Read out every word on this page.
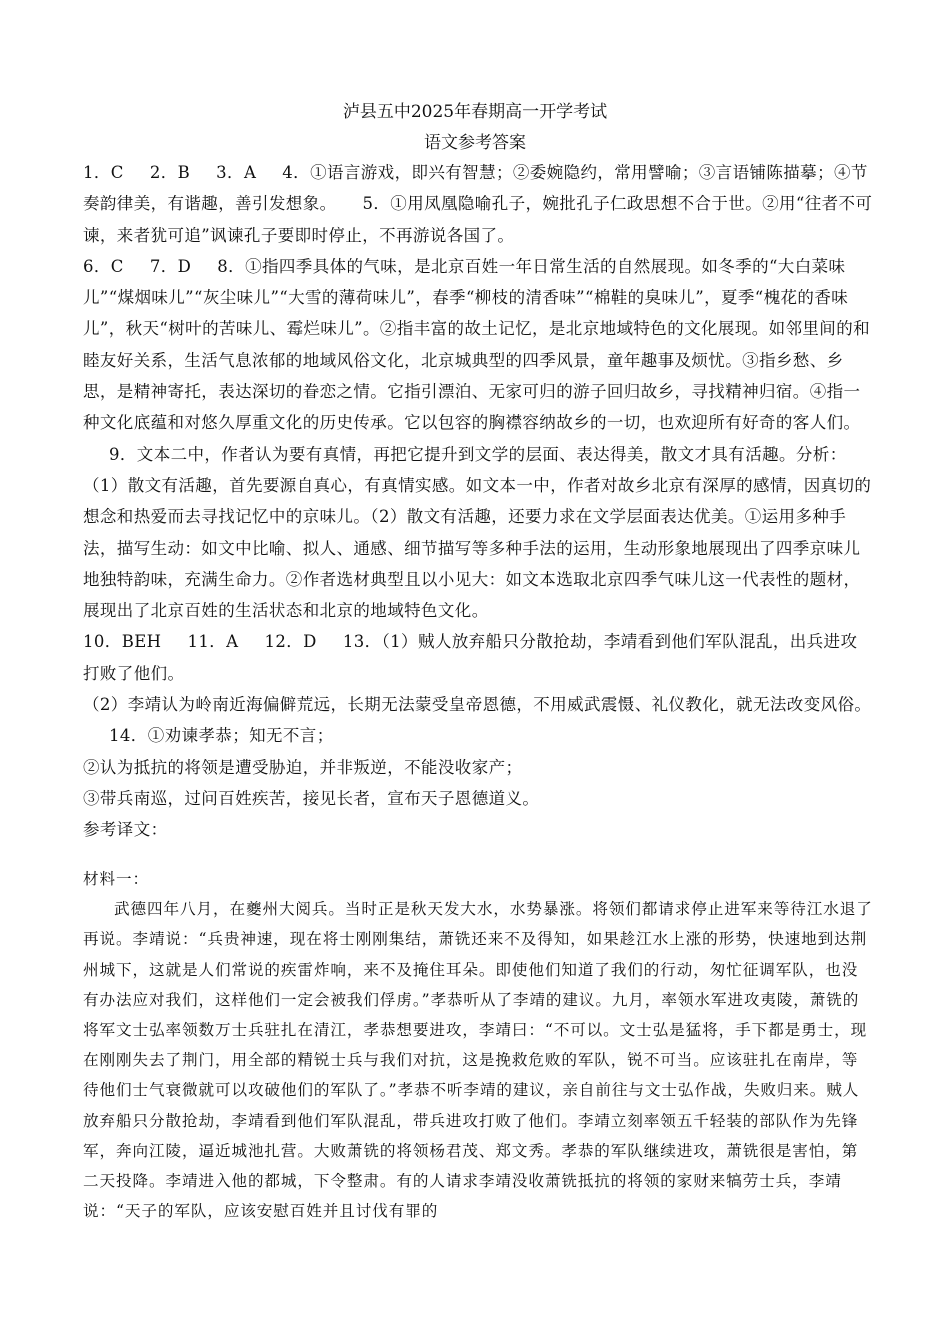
泸县五中2025年春期高一开学考试
语文参考答案

1．C 2．B 3．A 4．①语言游戏，即兴有智慧；②委婉隐约，常用譬喻；③言语铺陈描摹；④节奏韵律美，有谐趣，善引发想象。 5．①用凤凰隐喻孔子，婉批孔子仁政思想不合于世。②用“往者不可谏，来者犹可追”讽谏孔子要即时停止，不再游说各国了。

6．C 7．D 8．①指四季具体的气味，是北京百姓一年日常生活的自然展现。如冬季的“大白菜味儿”“煤烟味儿”“灰尘味儿”“大雪的薄荷味儿”，春季“柳枝的清香味”“棉鞋的臭味儿”，夏季“槐花的香味儿”，秋天“树叶的苦味儿、霉烂味儿”。②指丰富的故土记忆，是北京地域特色的文化展现。如邻里间的和睦友好关系，生活气息浓郁的地域风俗文化，北京城典型的四季风景，童年趣事及烦忧。③指乡愁、乡思，是精神寄托，表达深切的眷恋之情。它指引漂泊、无家可归的游子回归故乡，寻找精神归宿。④指一种文化底蕴和对悠久厚重文化的历史传承。它以包容的胸襟容纳故乡的一切，也欢迎所有好奇的客人们。9．文本二中，作者认为要有真情，再把它提升到文学的层面、表达得美，散文才具有活趣。分析：（1）散文有活趣，首先要源自真心，有真情实感。如文本一中，作者对故乡北京有深厚的感情，因真切的想念和热爱而去寻找记忆中的京味儿。（2）散文有活趣，还要力求在文学层面表达优美。①运用多种手法，描写生动：如文中比喻、拟人、通感、细节描写等多种手法的运用，生动形象地展现出了四季京味儿地独特韵味，充满生命力。②作者选材典型且以小见大：如文本选取北京四季气味儿这一代表性的题材，展现出了北京百姓的生活状态和北京的地域特色文化。

10．BEH 11．A 12．D 13．（1）贼人放弃船只分散抢劫，李靖看到他们军队混乱，出兵进攻打败了他们。

（2）李靖认为岭南近海偏僻荒远，长期无法蒙受皇帝恩德，不用威武震慑、礼仪教化，就无法改变风俗。14．①劝谏孝恭；知无不言；

②认为抵抗的将领是遭受胁迫，并非叛逆，不能没收家产；

③带兵南巡，过问百姓疾苦，接见长者，宣布天子恩德道义。

参考译文：

材料一：

武德四年八月，在夔州大阅兵。当时正是秋天发大水，水势暴涨。将领们都请求停止进军来等待江水退了再说。李靖说：“兵贵神速，现在将士刚刚集结，萧铣还来不及得知，如果趁江水上涨的形势，快速地到达荆州城下，这就是人们常说的疾雷炸响，来不及掩住耳朵。即使他们知道了我们的行动，匆忙征调军队，也没有办法应对我们，这样他们一定会被我们俘虏。”孝恭听从了李靖的建议。九月，率领水军进攻夷陵，萧铣的将军文士弘率领数万士兵驻扎在清江，孝恭想要进攻，李靖曰：“不可以。文士弘是猛将，手下都是勇士，现在刚刚失去了荆门，用全部的精锐士兵与我们对抗，这是挽救危败的军队，锐不可当。应该驻扎在南岸，等待他们士气衰微就可以攻破他们的军队了。”孝恭不听李靖的建议，亲自前往与文士弘作战，失败归来。贼人放弃船只分散抢劫，李靖看到他们军队混乱，带兵进攻打败了他们。李靖立刻率领五千轻装的部队作为先锋军，奔向江陵，逼近城池扎营。大败萧铣的将领杨君茂、郑文秀。孝恭的军队继续进攻，萧铣很是害怕，第二天投降。李靖进入他的都城，下令整肃。有的人请求李靖没收萧铣抵抗的将领的家财来犒劳士兵，李靖说：“天子的军队，应该安慰百姓并且讨伐有罪的
